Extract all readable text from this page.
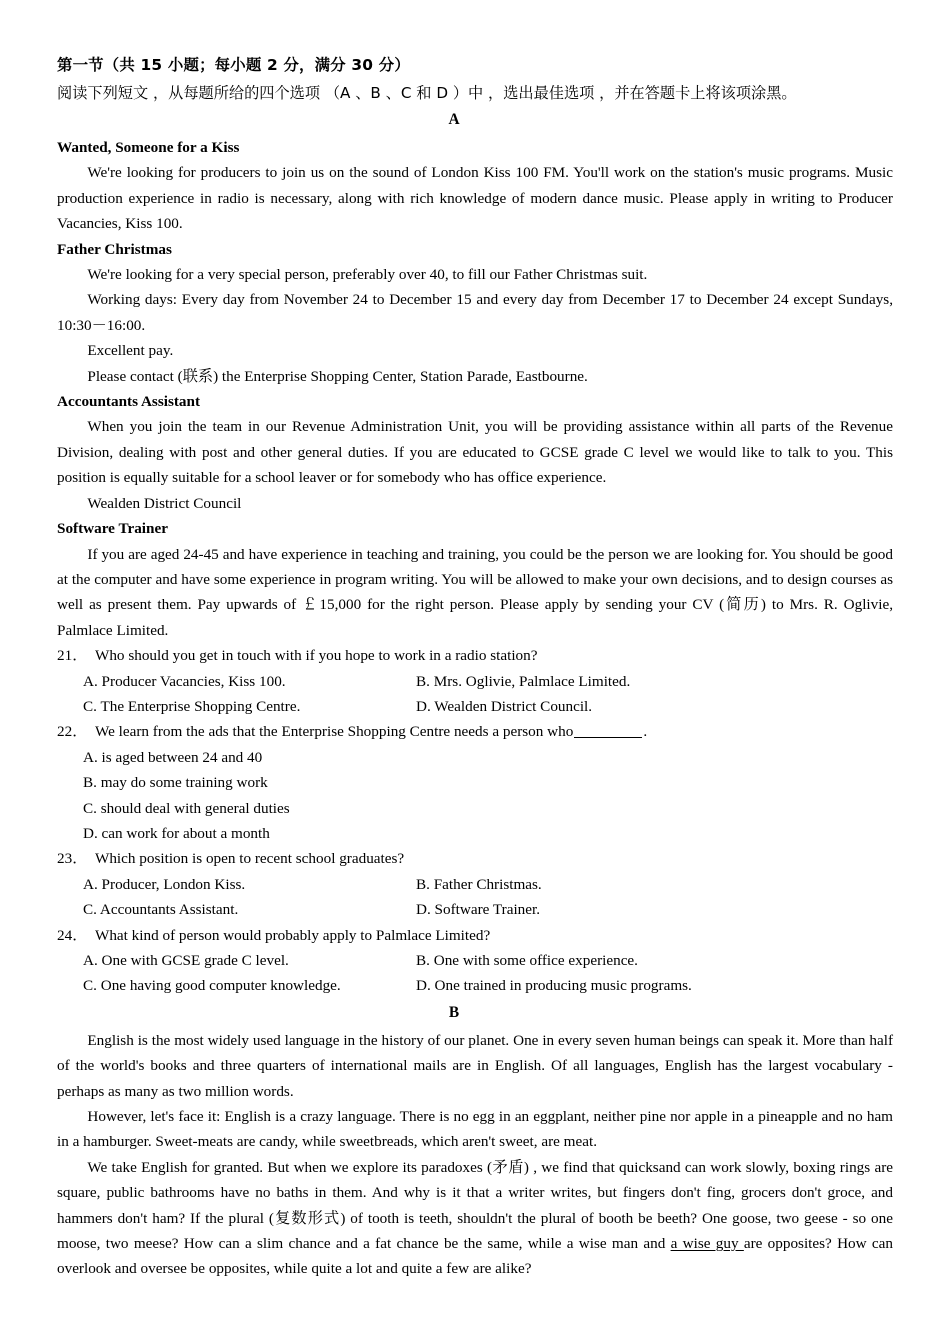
第一节（共 15 小题；每小题 2 分，满分 30 分）
阅读下列短文 ，从每题所给的四个选项 （A 、B 、C 和 D ）中 ，选出最佳选项 ，并在答题卡上将该项涂黑。
A
Wanted, Someone for a Kiss

We're looking for producers to join us on the sound of London Kiss 100 FM. You'll work on the station's music programs. Music production experience in radio is necessary, along with rich knowledge of modern dance music. Please apply in writing to Producer Vacancies, Kiss 100.

Father Christmas

We're looking for a very special person, preferably over 40, to fill our Father Christmas suit.

Working days: Every day from November 24 to December 15 and every day from December 17 to December 24 except Sundays, 10:30－16:00.

Excellent pay.

Please contact (联系) the Enterprise Shopping Center, Station Parade, Eastbourne.

Accountants Assistant

When you join the team in our Revenue Administration Unit, you will be providing assistance within all parts of the Revenue Division, dealing with post and other general duties. If you are educated to GCSE grade C level we would like to talk to you. This position is equally suitable for a school leaver or for somebody who has office experience.

Wealden District Council

Software Trainer

If you are aged 24-45 and have experience in teaching and training, you could be the person we are looking for. You should be good at the computer and have some experience in program writing. You will be allowed to make your own decisions, and to design courses as well as present them. Pay upwards of ￡15,000 for the right person. Please apply by sending your CV (简历) to Mrs. R. Oglivie, Palmlace Limited.

21． Who should you get in touch with if you hope to work in a radio station?
A. Producer Vacancies, Kiss 100.	B. Mrs. Oglivie, Palmlace Limited.
C. The Enterprise Shopping Centre.	D. Wealden District Council.
22． We learn from the ads that the Enterprise Shopping Centre needs a person who	.
A. is aged between 24 and 40
B. may do some training work
C. should deal with general duties
D. can work for about a month
23． Which position is open to recent school graduates?
A. Producer, London Kiss.	B. Father Christmas.
C. Accountants Assistant.	D. Software Trainer.
24． What kind of person would probably apply to Palmlace Limited?
A. One with GCSE grade C level.	B. One with some office experience.
C. One having good computer knowledge.	D. One trained in producing music programs.
B

English is the most widely used language in the history of our planet. One in every seven human beings can speak it. More than half of the world's books and three quarters of international mails are in English. Of all languages, English has the largest vocabulary - perhaps as many as two million words.

However, let's face it: English is a crazy language. There is no egg in an eggplant, neither pine nor apple in a pineapple and no ham in a hamburger. Sweet-meats are candy, while sweetbreads, which aren't sweet, are meat.

We take English for granted. But when we explore its paradoxes (矛盾) , we find that quicksand can work slowly, boxing rings are square, public bathrooms have no baths in them. And why is it that a writer writes, but fingers don't fing, grocers don't groce, and hammers don't ham? If the plural (复数形式) of tooth is teeth, shouldn't the plural of booth be beeth? One goose, two geese - so one moose, two meese? How can a slim chance and a fat chance be the same, while a wise man and a wise guy are opposites? How can overlook and oversee be opposites, while quite a lot and quite a few are alike?
